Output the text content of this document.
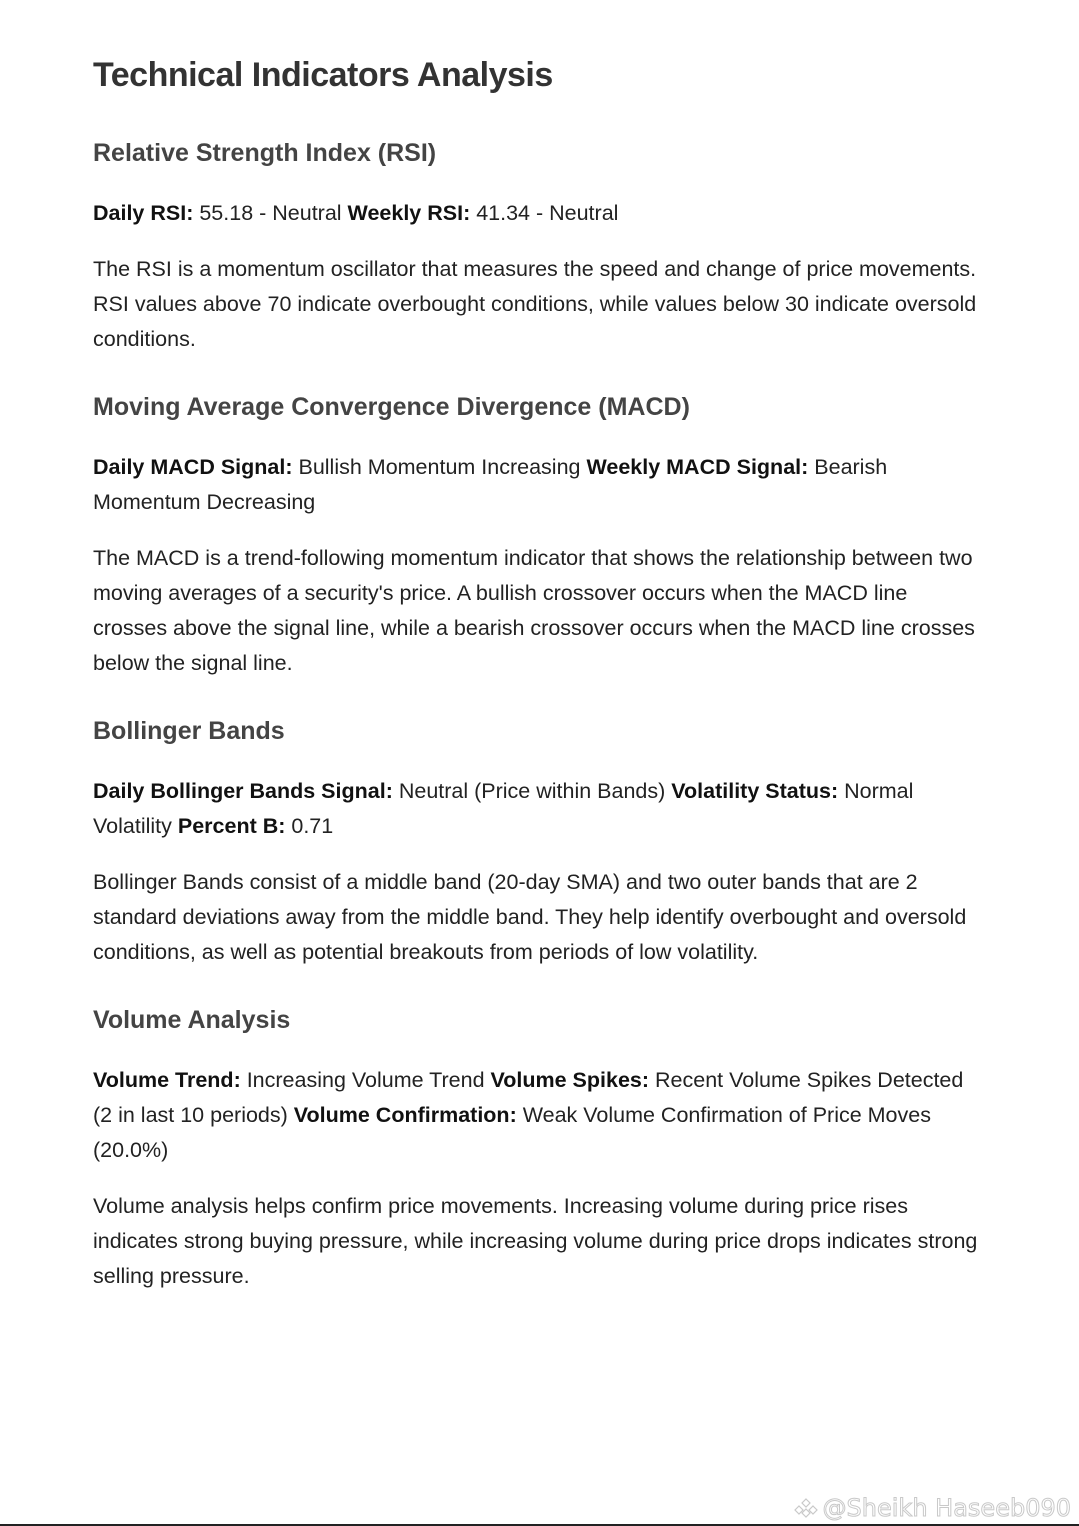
Technical Indicators Analysis
Relative Strength Index (RSI)

Daily RSI: 55.18 - Neutral Weekly RSI: 41.34 - Neutral

The RSI is a momentum oscillator that measures the speed and change of price movements. RSI values above 70 indicate overbought conditions, while values below 30 indicate oversold conditions.

Moving Average Convergence Divergence (MACD)

Daily MACD Signal: Bullish Momentum Increasing Weekly MACD Signal: Bearish Momentum Decreasing

The MACD is a trend-following momentum indicator that shows the relationship between two moving averages of a security's price. A bullish crossover occurs when the MACD line crosses above the signal line, while a bearish crossover occurs when the MACD line crosses below the signal line.

Bollinger Bands

Daily Bollinger Bands Signal: Neutral (Price within Bands) Volatility Status: Normal Volatility Percent B: 0.71

Bollinger Bands consist of a middle band (20-day SMA) and two outer bands that are 2 standard deviations away from the middle band. They help identify overbought and oversold conditions, as well as potential breakouts from periods of low volatility.

Volume Analysis

Volume Trend: Increasing Volume Trend Volume Spikes: Recent Volume Spikes Detected (2 in last 10 periods) Volume Confirmation: Weak Volume Confirmation of Price Moves (20.0%)

Volume analysis helps confirm price movements. Increasing volume during price rises indicates strong buying pressure, while increasing volume during price drops indicates strong selling pressure.

@Sheikh Haseeb090
